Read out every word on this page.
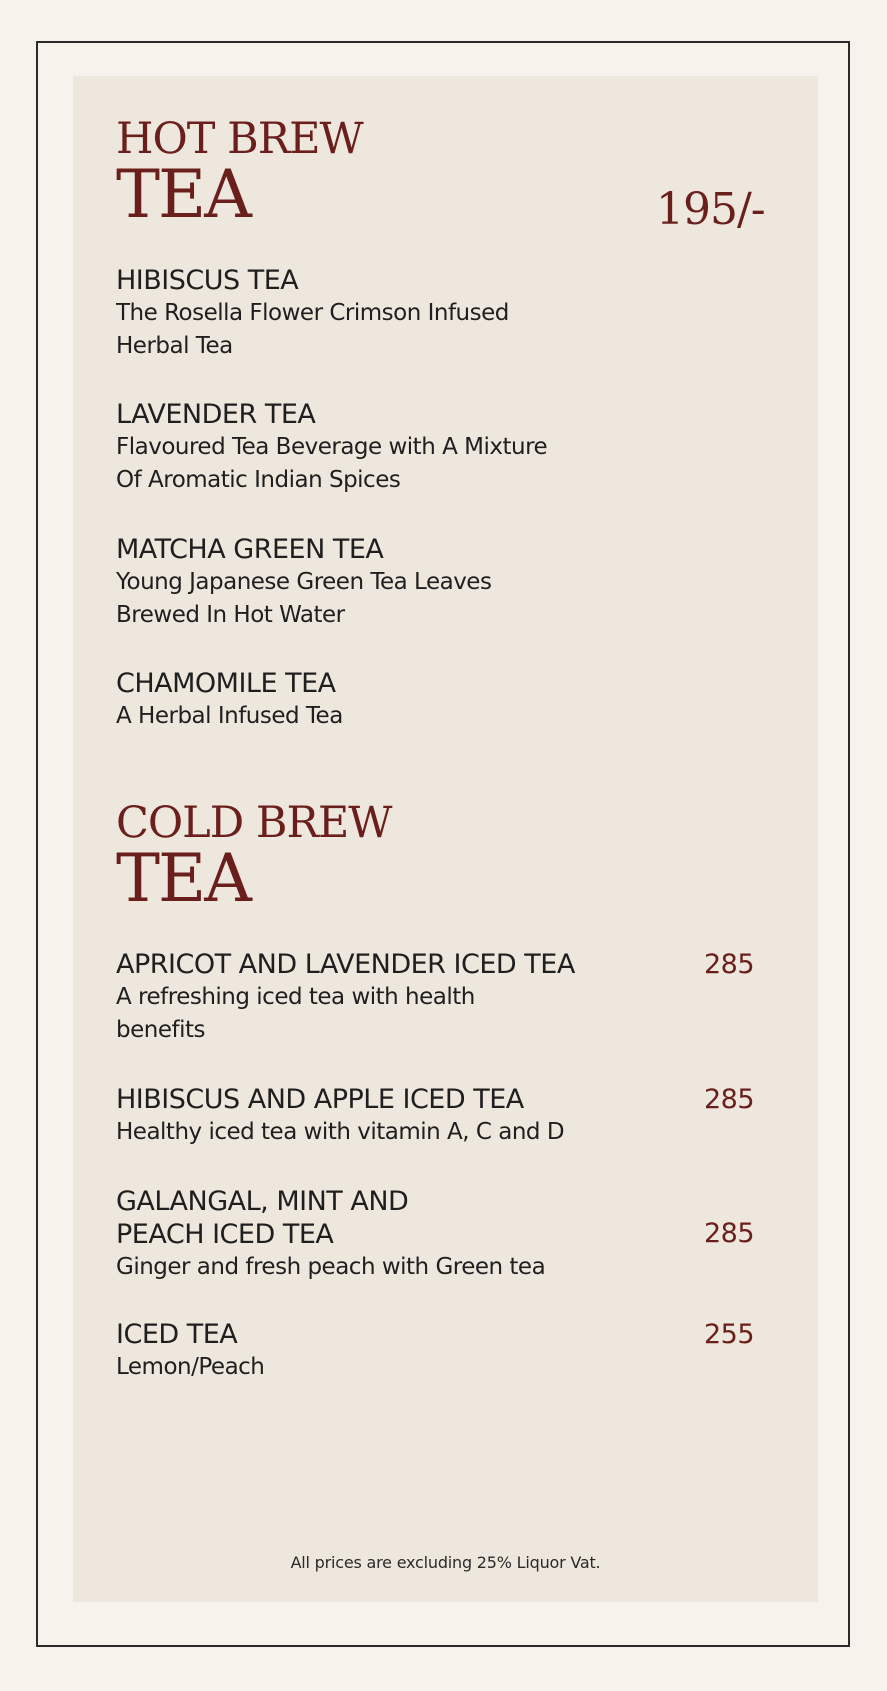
HOT BREW
TEA	195/-
HIBISCUS TEA
The Rosella Flower Crimson Infused
Herbal Tea
LAVENDER TEA
Flavoured Tea Beverage with A Mixture
Of Aromatic Indian Spices
MATCHA GREEN TEA
Young Japanese Green Tea Leaves
Brewed In Hot Water
CHAMOMILE TEA
A Herbal Infused Tea
COLD BREW
TEA
APRICOT AND LAVENDER ICED TEA
A refreshing iced tea with health
benefits
285
HIBISCUS AND APPLE ICED TEA
Healthy iced tea with vitamin A, C and D
285
GALANGAL, MINT AND
PEACH ICED TEA
Ginger and fresh peach with Green tea
285
ICED TEA
Lemon/Peach
255
All prices are excluding 25% Liquor Vat.
